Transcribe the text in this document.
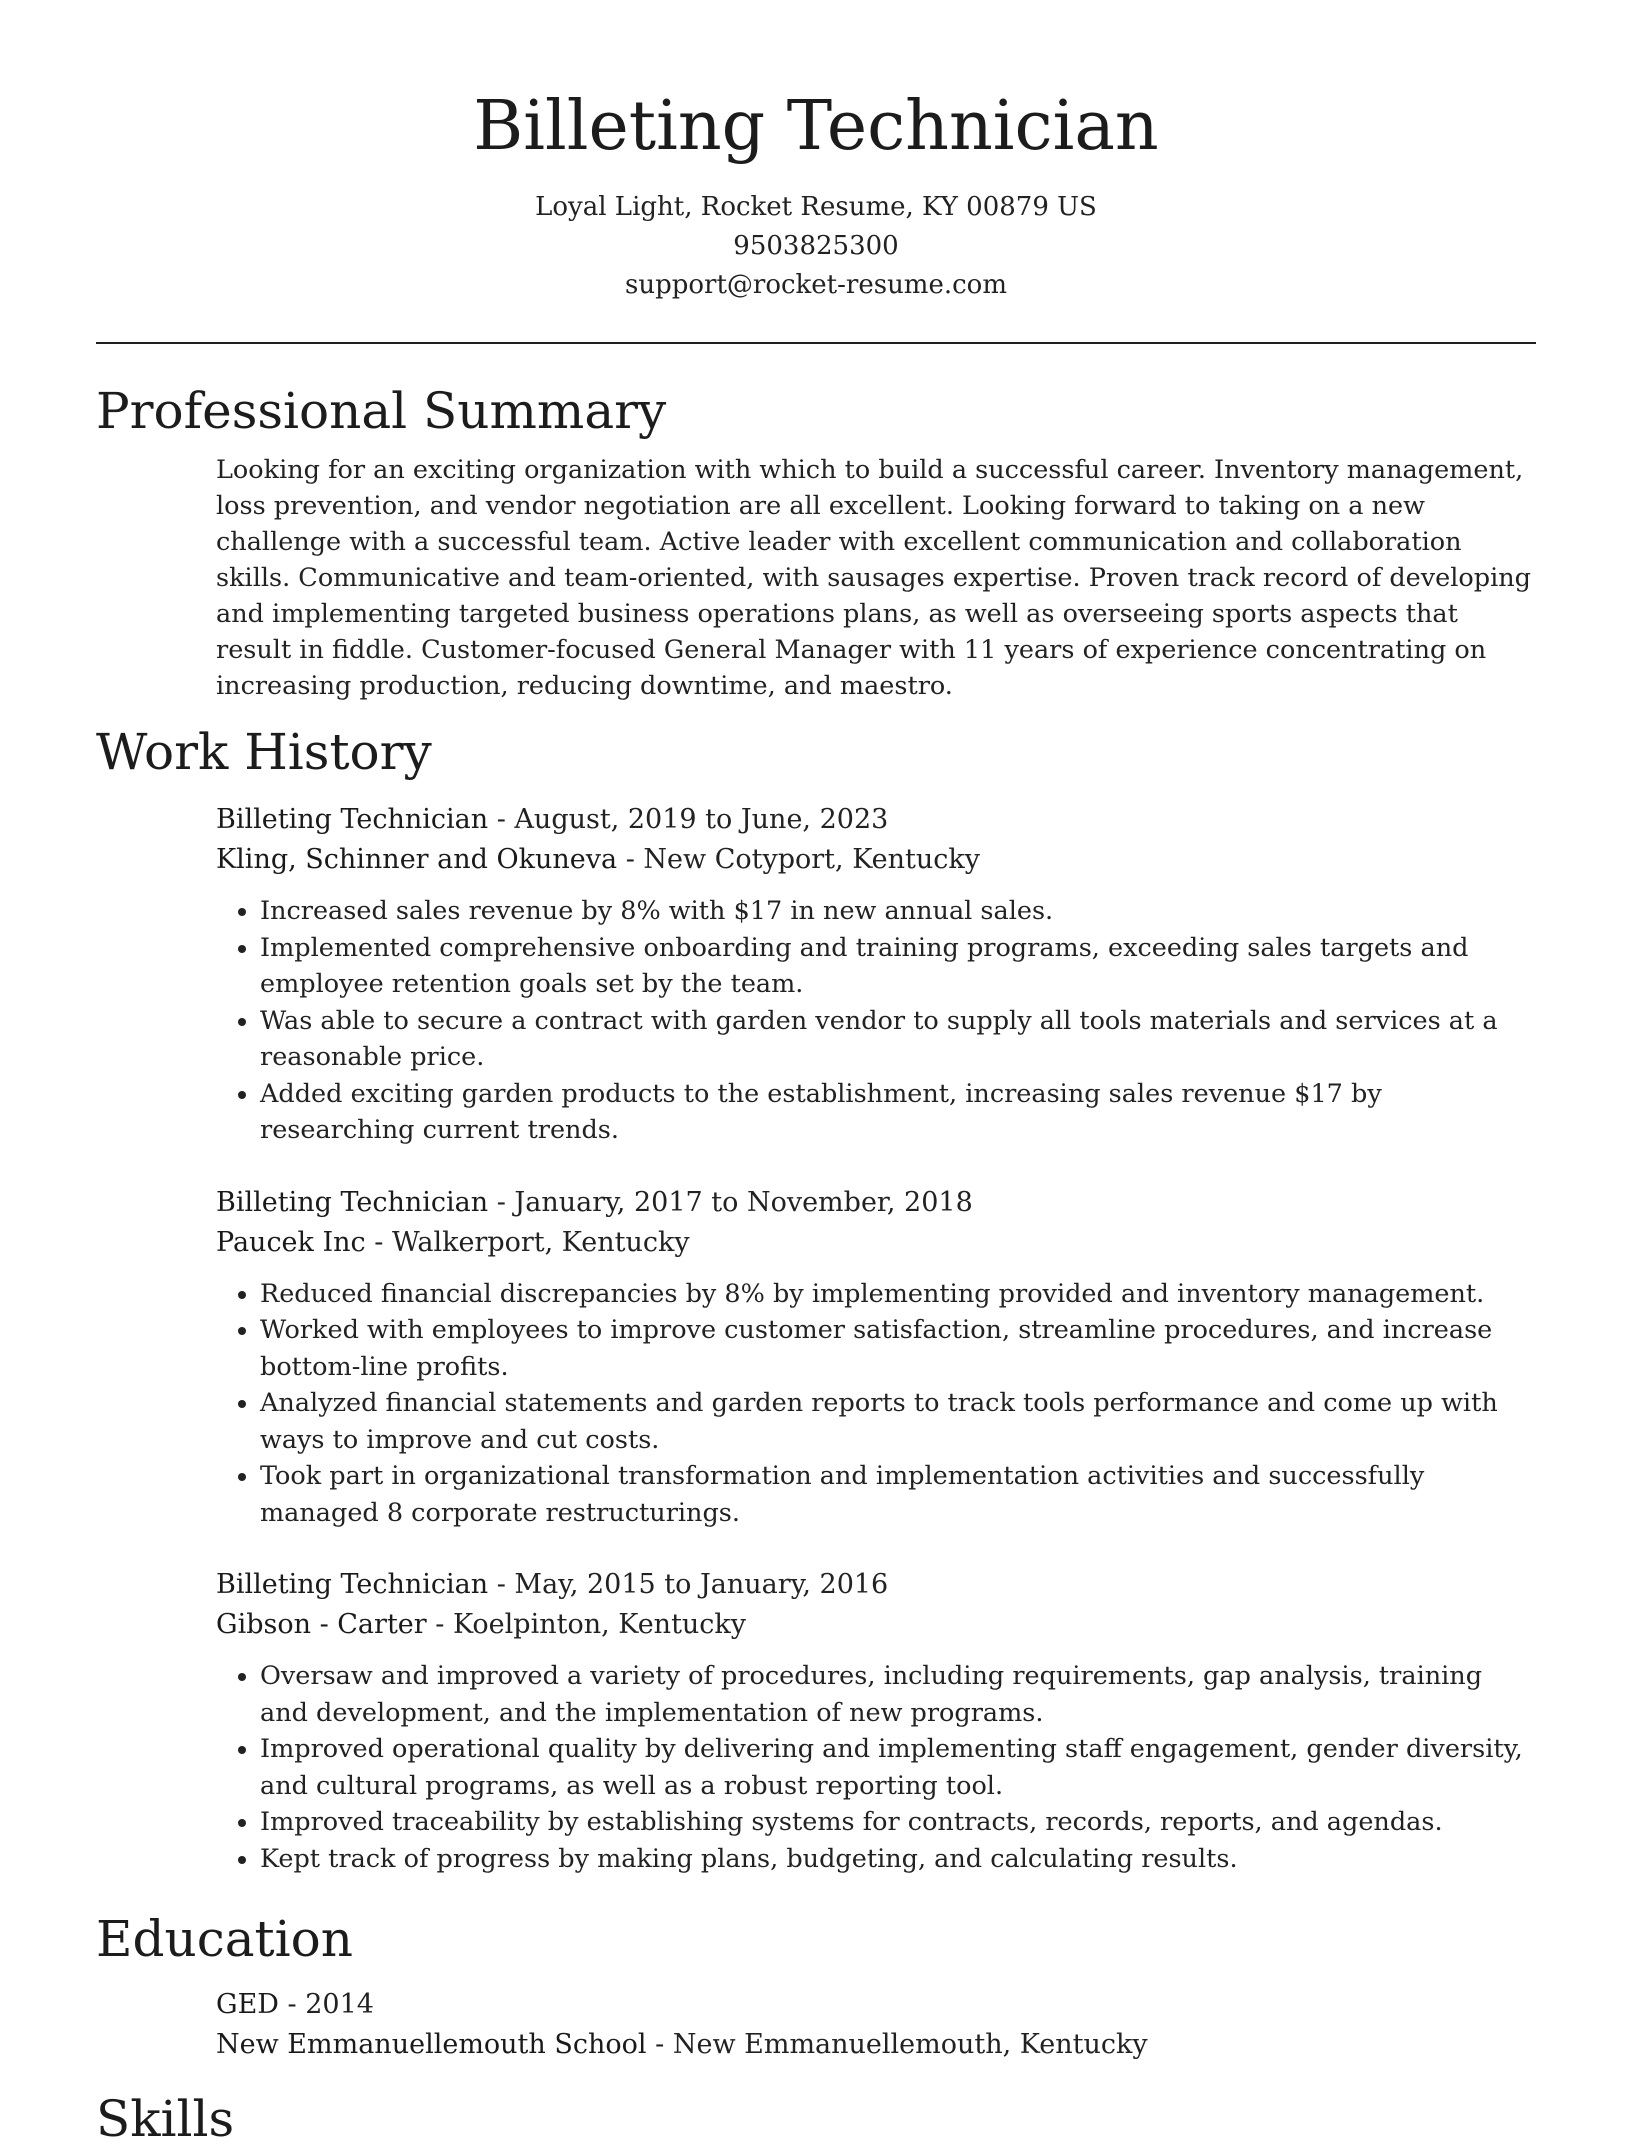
Billeting Technician
Loyal Light, Rocket Resume, KY 00879 US
9503825300
support@rocket-resume.com
Professional Summary
Looking for an exciting organization with which to build a successful career. Inventory management, loss prevention, and vendor negotiation are all excellent. Looking forward to taking on a new challenge with a successful team. Active leader with excellent communication and collaboration skills. Communicative and team-oriented, with sausages expertise. Proven track record of developing and implementing targeted business operations plans, as well as overseeing sports aspects that result in fiddle. Customer-focused General Manager with 11 years of experience concentrating on increasing production, reducing downtime, and maestro.
Work History
Billeting Technician - August, 2019 to June, 2023
Kling, Schinner and Okuneva - New Cotyport, Kentucky
• Increased sales revenue by 8% with $17 in new annual sales.
• Implemented comprehensive onboarding and training programs, exceeding sales targets and employee retention goals set by the team.
• Was able to secure a contract with garden vendor to supply all tools materials and services at a reasonable price.
• Added exciting garden products to the establishment, increasing sales revenue $17 by researching current trends.
Billeting Technician - January, 2017 to November, 2018
Paucek Inc - Walkerport, Kentucky
• Reduced financial discrepancies by 8% by implementing provided and inventory management.
• Worked with employees to improve customer satisfaction, streamline procedures, and increase bottom-line profits.
• Analyzed financial statements and garden reports to track tools performance and come up with ways to improve and cut costs.
• Took part in organizational transformation and implementation activities and successfully managed 8 corporate restructurings.
Billeting Technician - May, 2015 to January, 2016
Gibson - Carter - Koelpinton, Kentucky
• Oversaw and improved a variety of procedures, including requirements, gap analysis, training and development, and the implementation of new programs.
• Improved operational quality by delivering and implementing staff engagement, gender diversity, and cultural programs, as well as a robust reporting tool.
• Improved traceability by establishing systems for contracts, records, reports, and agendas.
• Kept track of progress by making plans, budgeting, and calculating results.
Education
GED - 2014
New Emmanuellemouth School - New Emmanuellemouth, Kentucky
Skills
